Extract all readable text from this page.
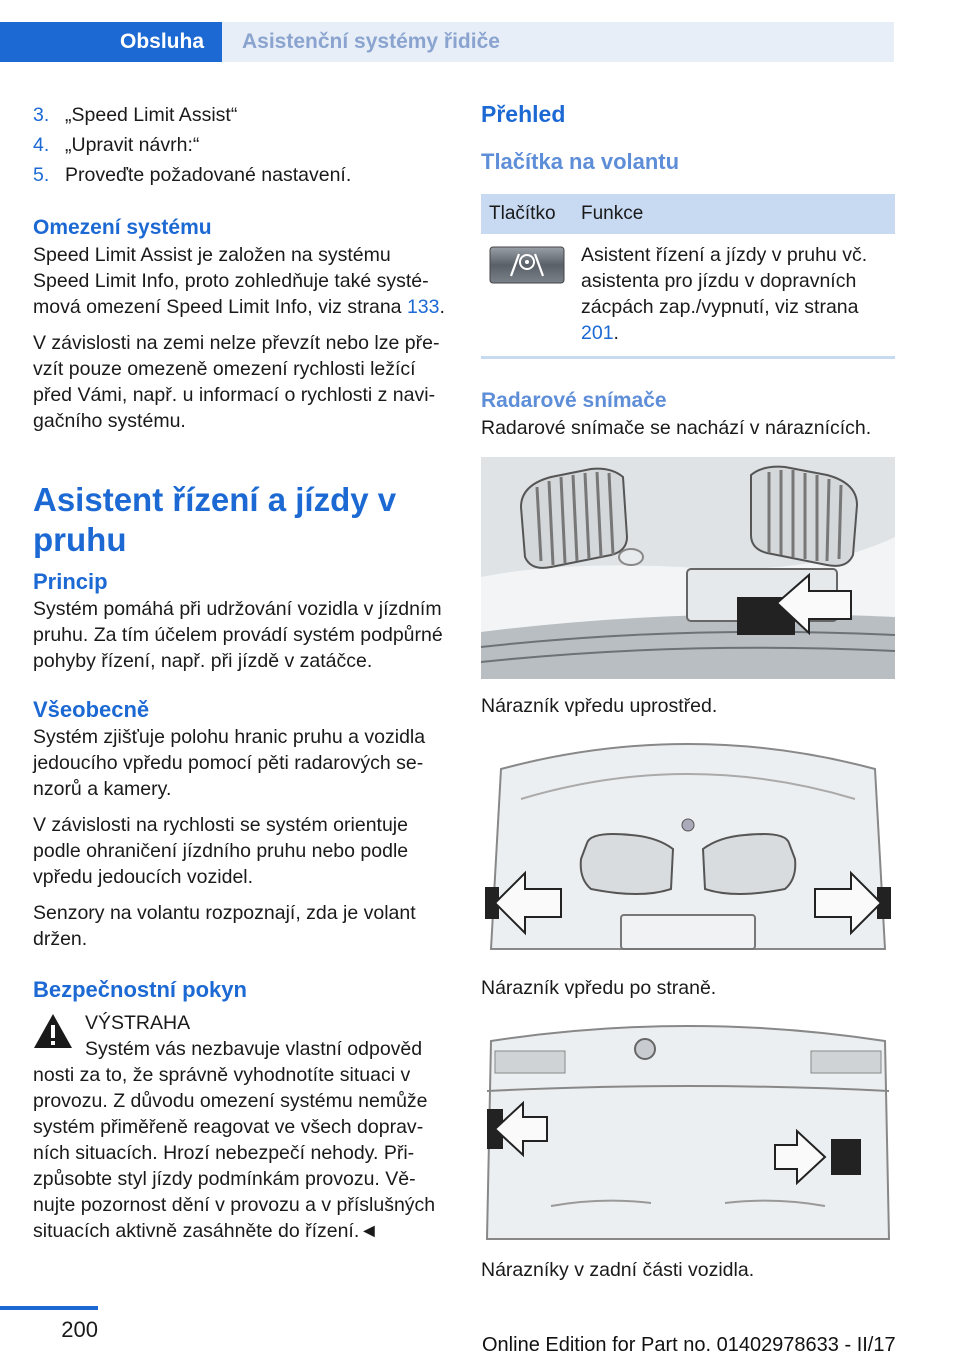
Obsluha	Asistenční systémy řidiče
3. „Speed Limit Assist“
4. „Upravit návrh:“
5. Proveďte požadované nastavení.
Omezení systému

Speed Limit Assist je založen na systému Speed Limit Info, proto zohledňuje také systémová omezení Speed Limit Info, viz strana 133.

V závislosti na zemi nelze převzít nebo lze převzít pouze omezeně omezení rychlosti ležící před Vámi, např. u informací o rychlosti z navigačního systému.

Asistent řízení a jízdy v pruhu
Princip

Systém pomáhá při udržování vozidla v jízdním pruhu. Za tím účelem provádí systém podpůrné pohyby řízení, např. při jízdě v zatáčce.

Všeobecně

Systém zjišťuje polohu hranic pruhu a vozidla jedoucího vpředu pomocí pěti radarových senzorů a kamery.

V závislosti na rychlosti se systém orientuje podle ohraničení jízdního pruhu nebo podle vpředu jedoucích vozidel.

Senzory na volantu rozpoznají, zda je volant držen.

Bezpečnostní pokyn

VÝSTRAHA

Systém vás nezbavuje vlastní odpověd

nosti za to, že správně vyhodnotíte situaci v provozu. Z důvodu omezení systému nemůže systém přiměřeně reagovat ve všech dopravních situacích. Hrozí nebezpečí nehody. Přizpůsobte styl jízdy podmínkám provozu. Věnujte pozornost dění v provozu a v příslušných situacích aktivně zasáhněte do řízení.◄

Přehled
Tlačítka na volantu
Tlačítko	Funkce
	Asistent řízení a jízdy v pruhu vč. asistenta pro jízdu v dopravních zácpách zap./vypnutí, viz strana 201.
Radarové snímače

Radarové snímače se nachází v náraznících.

Nárazník vpředu uprostřed.

Nárazník vpředu po straně.

Nárazníky v zadní části vozidla.

200
Online Edition for Part no. 01402978633 - II/17
